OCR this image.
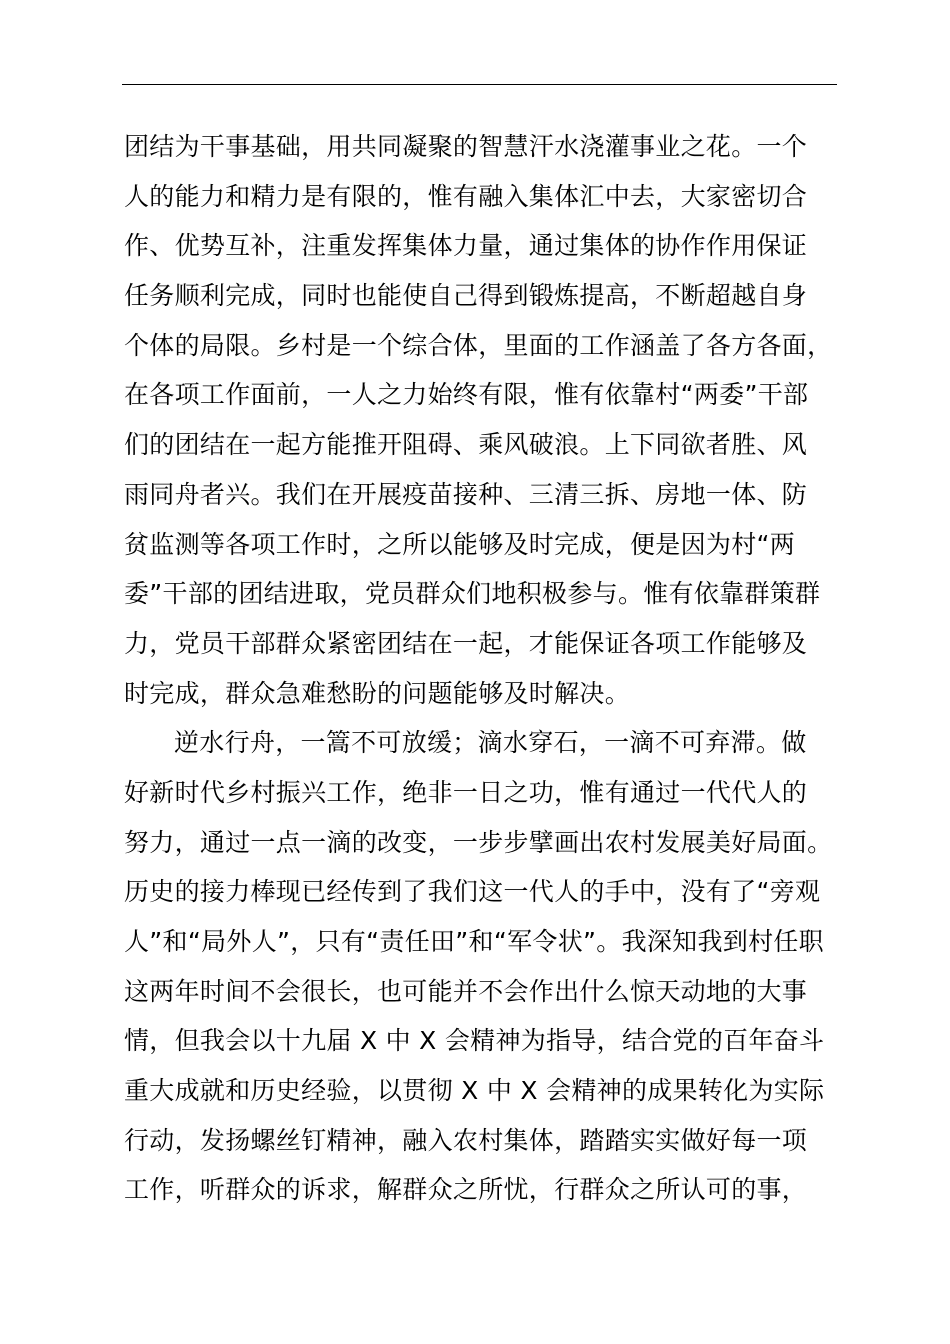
团结为干事基础，用共同凝聚的智慧汗水浇灌事业之花。一个
人的能力和精力是有限的，惟有融入集体汇中去，大家密切合
作、优势互补，注重发挥集体力量，通过集体的协作作用保证
任务顺利完成，同时也能使自己得到锻炼提高，不断超越自身
个体的局限。乡村是一个综合体，里面的工作涵盖了各方各面，
在各项工作面前，一人之力始终有限，惟有依靠村“两委”干部
们的团结在一起方能推开阻碍、乘风破浪。上下同欲者胜、风
雨同舟者兴。我们在开展疫苗接种、三清三拆、房地一体、防
贫监测等各项工作时，之所以能够及时完成，便是因为村“两
委”干部的团结进取，党员群众们地积极参与。惟有依靠群策群
力，党员干部群众紧密团结在一起，才能保证各项工作能够及
时完成，群众急难愁盼的问题能够及时解决。
逆水行舟，一篙不可放缓；滴水穿石，一滴不可弃滞。做
好新时代乡村振兴工作，绝非一日之功，惟有通过一代代人的
努力，通过一点一滴的改变，一步步擘画出农村发展美好局面。
历史的接力棒现已经传到了我们这一代人的手中，没有了“旁观
人”和“局外人”，只有“责任田”和“军令状”。我深知我到村任职
这两年时间不会很长，也可能并不会作出什么惊天动地的大事
情，但我会以十九届 X 中 X 会精神为指导，结合党的百年奋斗
重大成就和历史经验，以贯彻 X 中 X 会精神的成果转化为实际
行动，发扬螺丝钉精神，融入农村集体，踏踏实实做好每一项
工作，听群众的诉求，解群众之所忧，行群众之所认可的事，
